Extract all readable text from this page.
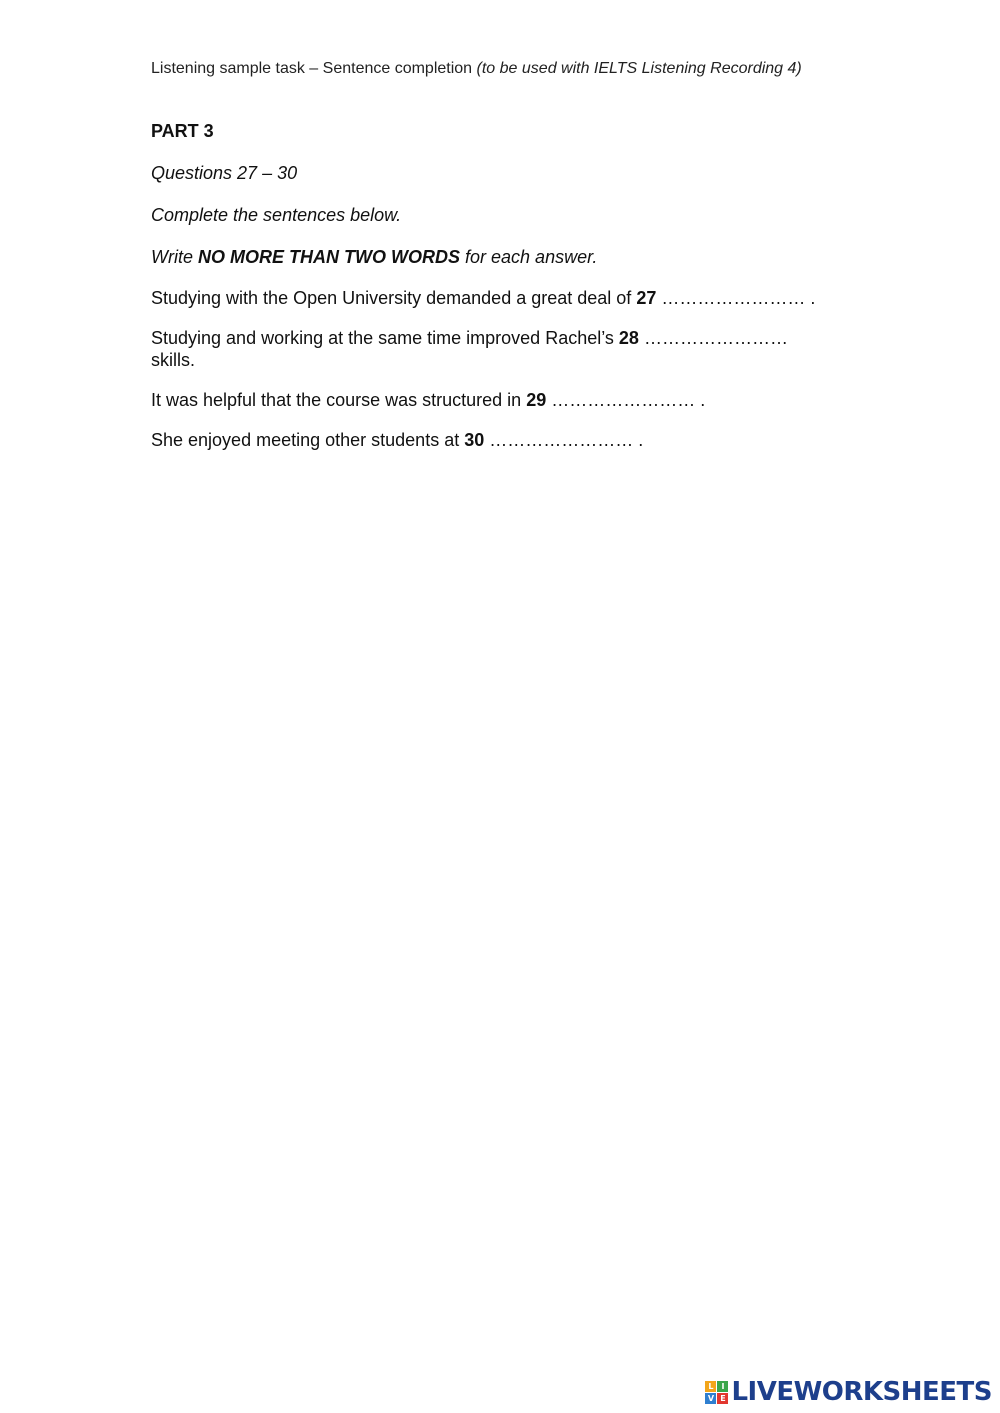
Listening sample task – Sentence completion (to be used with IELTS Listening Recording 4)
PART 3
Questions 27 – 30
Complete the sentences below.
Write NO MORE THAN TWO WORDS for each answer.
Studying with the Open University demanded a great deal of 27 …………………… .
Studying and working at the same time improved Rachel’s 28 …………………… skills.
It was helpful that the course was structured in 29 …………………… .
She enjoyed meeting other students at 30 …………………… .
L I
V E LIVEWORKSHEETS
